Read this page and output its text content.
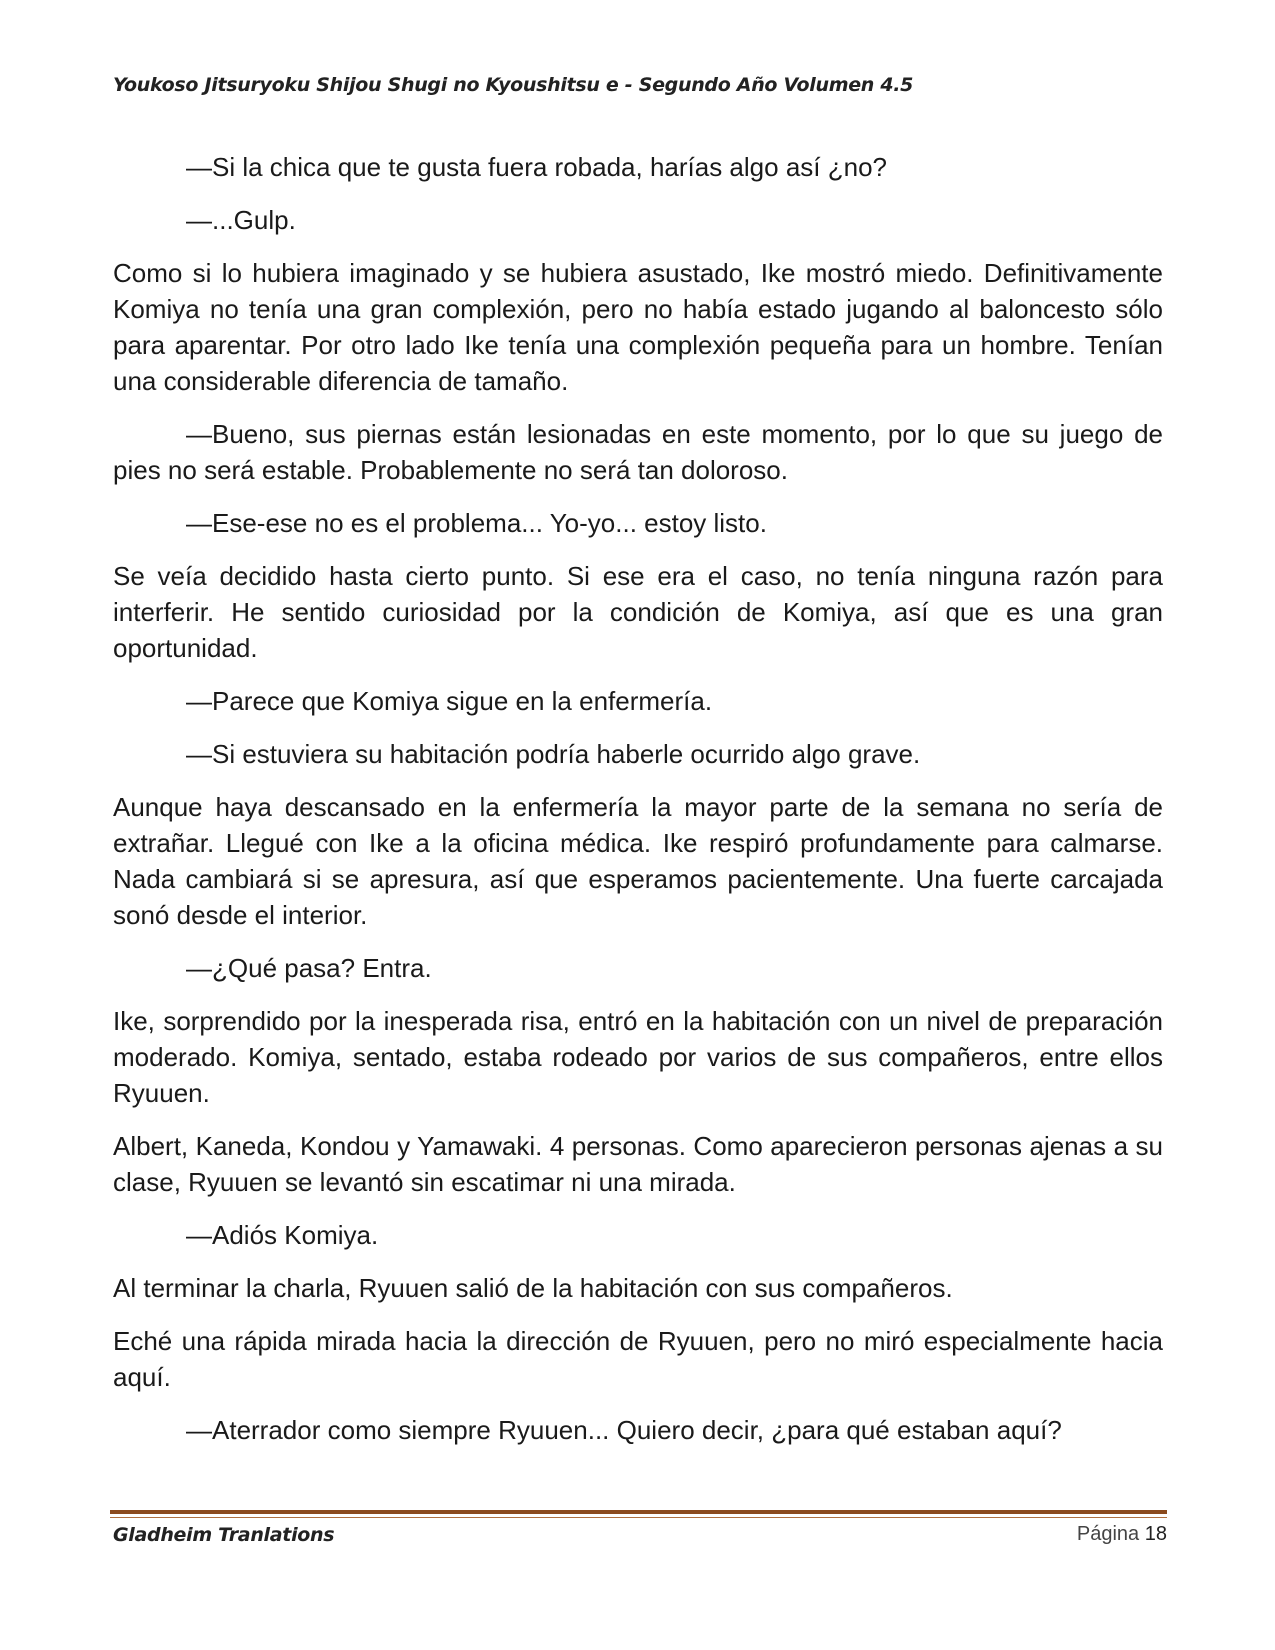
Youkoso Jitsuryoku Shijou Shugi no Kyoushitsu e - Segundo Año Volumen 4.5

—Si la chica que te gusta fuera robada, harías algo así ¿no?

—...Gulp.

Como si lo hubiera imaginado y se hubiera asustado, Ike mostró miedo. Definitivamente Komiya no tenía una gran complexión, pero no había estado jugando al baloncesto sólo para aparentar. Por otro lado Ike tenía una complexión pequeña para un hombre. Tenían una considerable diferencia de tamaño.

—Bueno, sus piernas están lesionadas en este momento, por lo que su juego de pies no será estable. Probablemente no será tan doloroso.

—Ese-ese no es el problema... Yo-yo... estoy listo.

Se veía decidido hasta cierto punto. Si ese era el caso, no tenía ninguna razón para interferir. He sentido curiosidad por la condición de Komiya, así que es una gran oportunidad.

—Parece que Komiya sigue en la enfermería.

—Si estuviera su habitación podría haberle ocurrido algo grave.

Aunque haya descansado en la enfermería la mayor parte de la semana no sería de extrañar. Llegué con Ike a la oficina médica. Ike respiró profundamente para calmarse. Nada cambiará si se apresura, así que esperamos pacientemente. Una fuerte carcajada sonó desde el interior.

—¿Qué pasa? Entra.

Ike, sorprendido por la inesperada risa, entró en la habitación con un nivel de preparación moderado. Komiya, sentado, estaba rodeado por varios de sus compañeros, entre ellos Ryuuen.

Albert, Kaneda, Kondou y Yamawaki. 4 personas. Como aparecieron personas ajenas a su clase, Ryuuen se levantó sin escatimar ni una mirada.

—Adiós Komiya.

Al terminar la charla, Ryuuen salió de la habitación con sus compañeros.

Eché una rápida mirada hacia la dirección de Ryuuen, pero no miró especialmente hacia aquí.

—Aterrador como siempre Ryuuen... Quiero decir, ¿para qué estaban aquí?

Gladheim Tranlations	Página 18
